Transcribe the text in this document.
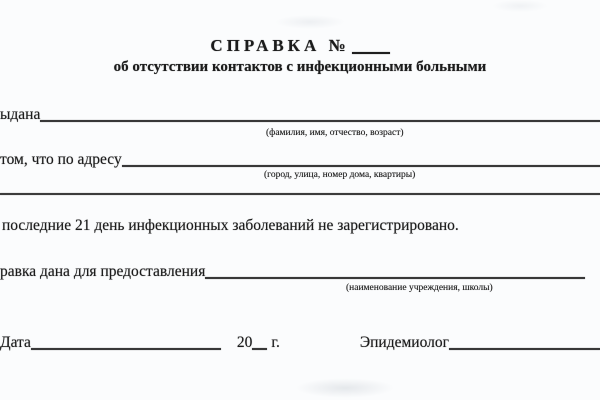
СПРАВКА №
об отсутствии контактов с инфекционными больными
ыдана
(фамилия, имя, отчество, возраст)
том, что по адресу
(город, улица, номер дома, квартиры)
последние 21 день инфекционных заболеваний не зарегистрировано.
равка дана для предоставления
(наименование учреждения, школы)
Дата	20 г.	Эпидемиолог
